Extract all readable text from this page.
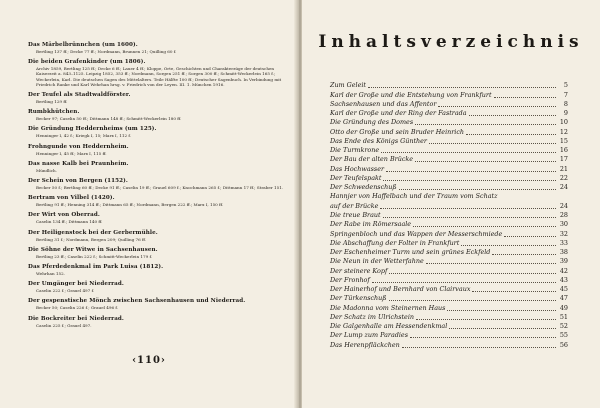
Das Märbelbrünnchen (um 1600).
Bertling 137 ff.; Decke 77 ff.; Nordmann, Brunnen 21; Quilling 60 f.
Die beiden Grafenkinder (um 1806).
Archiv 1859, Bertling 125 ff.; Decke 6 ff.; Lauer 4 ff.; Kloppe, Orte, Geschichten und Charakterzüge der deutschen Kaiserzeit a. 843–1125. Leipzig 1852, 353 ff.; Nordmann, Sorgen 251 ff.; Sorgen 300 ff.; Schmitt-Weckerlein 165 f.; Weckerlein, Karl. Die deutschen Sagen des Mittelalters. Teile Hälfte 100 ff.; Deutscher Sagenbuch. In Verbindung mit Friedrich Ranke und Karl Wehrhan hrsg. v. Friedrich von der Leyen. III. 1. München 1916.
Der Teufel als Stadtwaldförster.
Bertling 129 ff.
Rumbkhütchen.
Becker 97; Caselin 50 ff.; Dittmann 148 ff.; Schmitt-Weckerlein 180 ff.
Die Gründung Heddernheims (um 125).
Henninger I, 42 f.; Kriegk I, 15; Marx I, 112 f.
Frohngunde von Heddernheim.
Henninger I, 45 ff.; Marx I, 115 ff.
Das nasse Kalb bei Praunheim.
Mündlich.
Der Schein von Bergen (1152).
Becker 50 f.; Bertling 60 ff.; Decke 91 ff.; Caselin 19 ff.; Grauel 609 f.; Knochmann 265 f.; Dittmann 17 ff.; Straber 151.
Bertram von Vilbel (1420).
Bertling 91 ff.; Henning 314 ff.; Dittmann 65 ff.; Nordmann, Bergen 222 ff.; Marx I, 150 ff.
Der Wirt von Oberrad.
Caselin 134 ff.; Dittmann 140 ff.
Der Heiligenstock bei der Gerbermühle.
Bertling 31 f.; Nordmann, Bergen 209; Quilling 76 ff.
Die Söhne der Witwe in Sachsenhausen.
Bertling 23 ff.; Caselin 222 f.; Schmitt-Weckerlein 179 f.
Das Pferdedenkmal im Park Luisa (1812).
Wehrhan 152.
Der Umgänger bei Niederrad.
Caselin 222 f.; Grauel 497 f.
Der gespenstische Mönch zwischen Sachsenhausen und Niederrad.
Becker 50; Caselin 226 f.; Grauel 496 f.
Die Bockreiter bei Niederrad.
Caselin 225 f.; Grauel 497.
‹110›
Inhaltsverzeichnis
Zum Geleit	5
Karl der Große und die Entstehung von Frankfurt	7
Sachsenhausen und das Affentor	8
Karl der Große und der Ring der Fastrada	9
Die Gründung des Domes	10
Otto der Große und sein Bruder Heinrich	12
Das Ende des Königs Günther	15
Die Turmkrone	16
Der Bau der alten Brücke	17
Das Hochwasser	21
Der Teufelspakt	22
Der Schwedenschuß	24
Hannjer von Haffelbach und der Traum vom Schatz
auf der Brücke	24
Die treue Braut	28
Der Rabe im Römersaale	30
Springenbloch und das Wappen der Messerschmiede	32
Die Abschaffung der Folter in Frankfurt	33
Der Eschenheimer Turm und sein grünes Eckfeld	38
Die Neun in der Wetterfahne	39
Der steinere Kopf	42
Der Fronhof	43
Der Hainerhof und Bernhard von Clairvaux	45
Der Türkenschuß	47
Die Madonna vom Steinernen Haus	49
Der Schatz im Ulrichstein	51
Die Galgenhalle am Hessendenkmal	52
Der Lump zum Paradies	55
Das Herenpfläckchen	56
